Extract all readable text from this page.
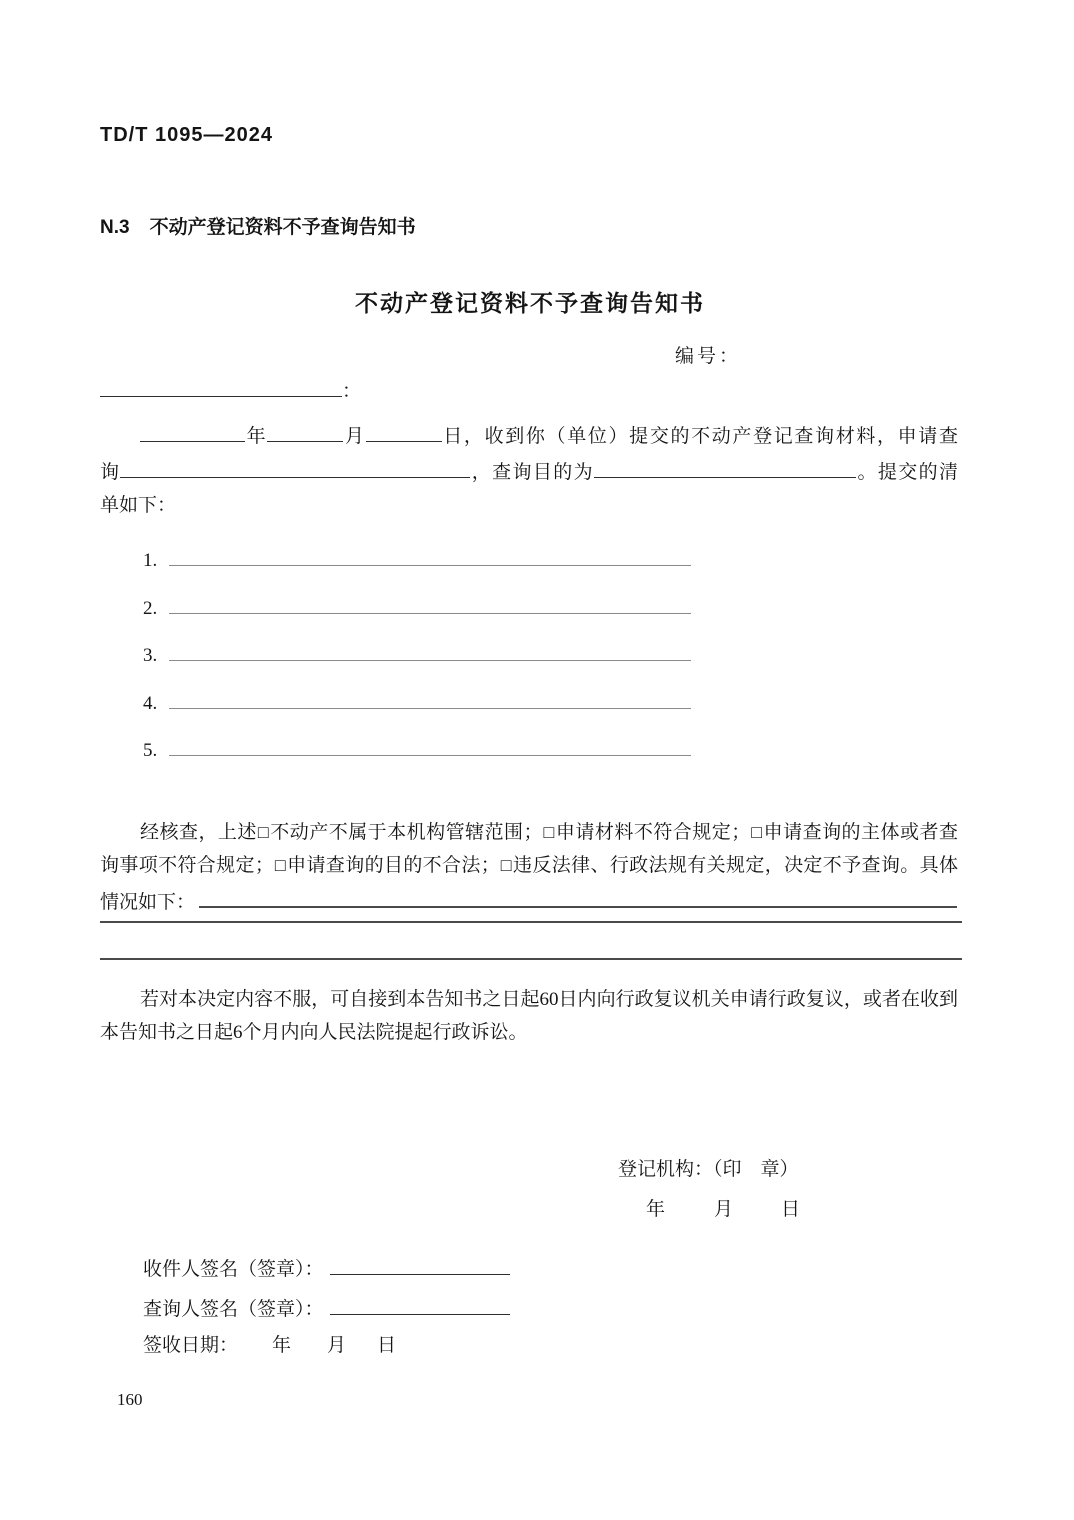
TD/T 1095—2024
N.3 不动产登记资料不予查询告知书
不动产登记资料不予查询告知书
编号：
：
年	月	日，收到你（单位）提交的不动产登记查询材料，申请查
询	，查询目的为	。提交的清
单如下：
1.
2.
3.
4.
5.
经核查，上述□不动产不属于本机构管辖范围；□申请材料不符合规定；□申请查询的主体或者查
询事项不符合规定；□申请查询的目的不合法；□违反法律、行政法规有关规定，决定不予查询。具体
情况如下：
若对本决定内容不服，可自接到本告知书之日起60日内向行政复议机关申请行政复议，或者在收到
本告知书之日起6个月内向人民法院提起行政诉讼。
登记机构：（印　章）
年	月	日
收件人签名（签章）：
查询人签名（签章）：
签收日期： 年 月 日
160
